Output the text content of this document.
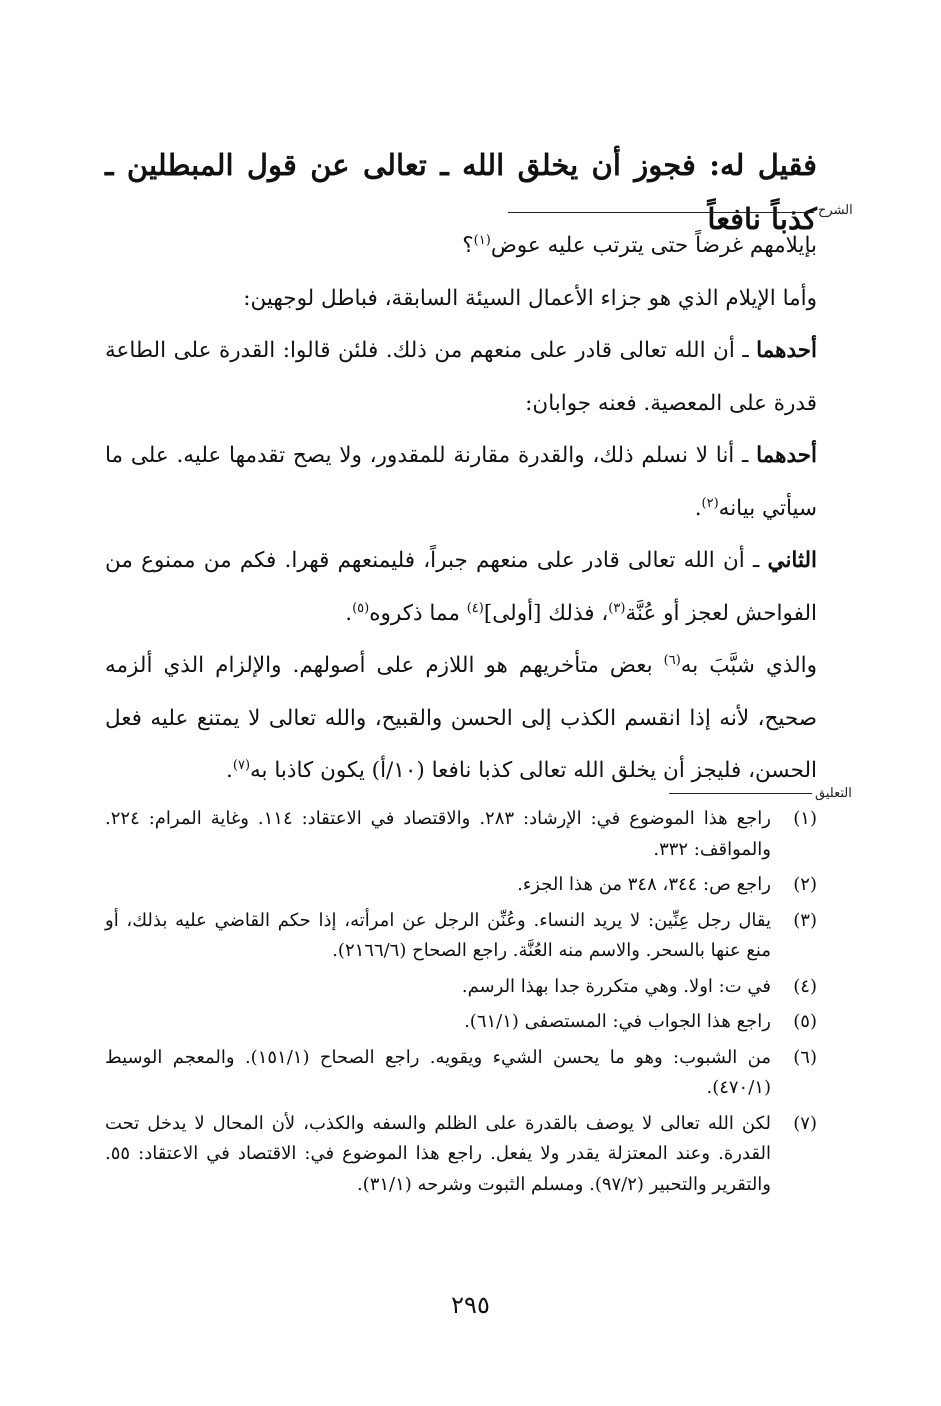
فقيل له: فجوز أن يخلق الله ـ تعالى عن قول المبطلين ـ كذباً نافعاً الشرح

بإيلامهم غرضاً حتى يترتب عليه عوض$^{(١)}$؟

وأما الإيلام الذي هو جزاء الأعمال السيئة السابقة، فباطل لوجهين:

أحدهما ـ أن الله تعالى قادر على منعهم من ذلك. فلئن قالوا: القدرة على الطاعة قدرة على المعصية. فعنه جوابان:

أحدهما ـ أنا لا نسلم ذلك، والقدرة مقارنة للمقدور، ولا يصح تقدمها عليه. على ما سيأتي بيانه$^{(٢)}$.

الثاني ـ أن الله تعالى قادر على منعهم جبراً، فليمنعهم قهرا. فكم من ممنوع من الفواحش لعجز أو عُنَّة$^{(٣)}$، فذلك [أولى]$^{(٤)}$ مما ذكروه$^{(٥)}$.

والذي شبَّبَ به$^{(٦)}$ بعض متأخريهم هو اللازم على أصولهم. والإلزام الذي ألزمه صحيح، لأنه إذا انقسم الكذب إلى الحسن والقبيح، والله تعالى لا يمتنع عليه فعل الحسن، فليجز أن يخلق الله تعالى كذبا نافعا (١٠/أ) يكون كاذبا به$^{(٧)}$.

التعليق
(١)
راجع هذا الموضوع في: الإرشاد: ٢٨٣. والاقتصاد في الاعتقاد: ١١٤. وغاية المرام: ٢٢٤. والمواقف: ٣٣٢.
(٢)
راجع ص: ٣٤٤، ٣٤٨ من هذا الجزء.
(٣)
يقال رجل عِنِّين: لا يريد النساء. وعُنِّن الرجل عن امرأته، إذا حكم القاضي عليه بذلك، أو منع عنها بالسحر. والاسم منه العُنَّة. راجع الصحاح (٢١٦٦/٦).
(٤)
في ت: اولا. وهي متكررة جدا بهذا الرسم.
(٥)
راجع هذا الجواب في: المستصفى (٦١/١).
(٦)
من الشبوب: وهو ما يحسن الشيء ويقويه. راجع الصحاح (١٥١/١). والمعجم الوسيط (٤٧٠/١).
(٧)
لكن الله تعالى لا يوصف بالقدرة على الظلم والسفه والكذب، لأن المحال لا يدخل تحت القدرة. وعند المعتزلة يقدر ولا يفعل. راجع هذا الموضوع في: الاقتصاد في الاعتقاد: ٥٥. والتقرير والتحبير (٩٧/٢). ومسلم الثبوت وشرحه (٣١/١).
٢٩٥
